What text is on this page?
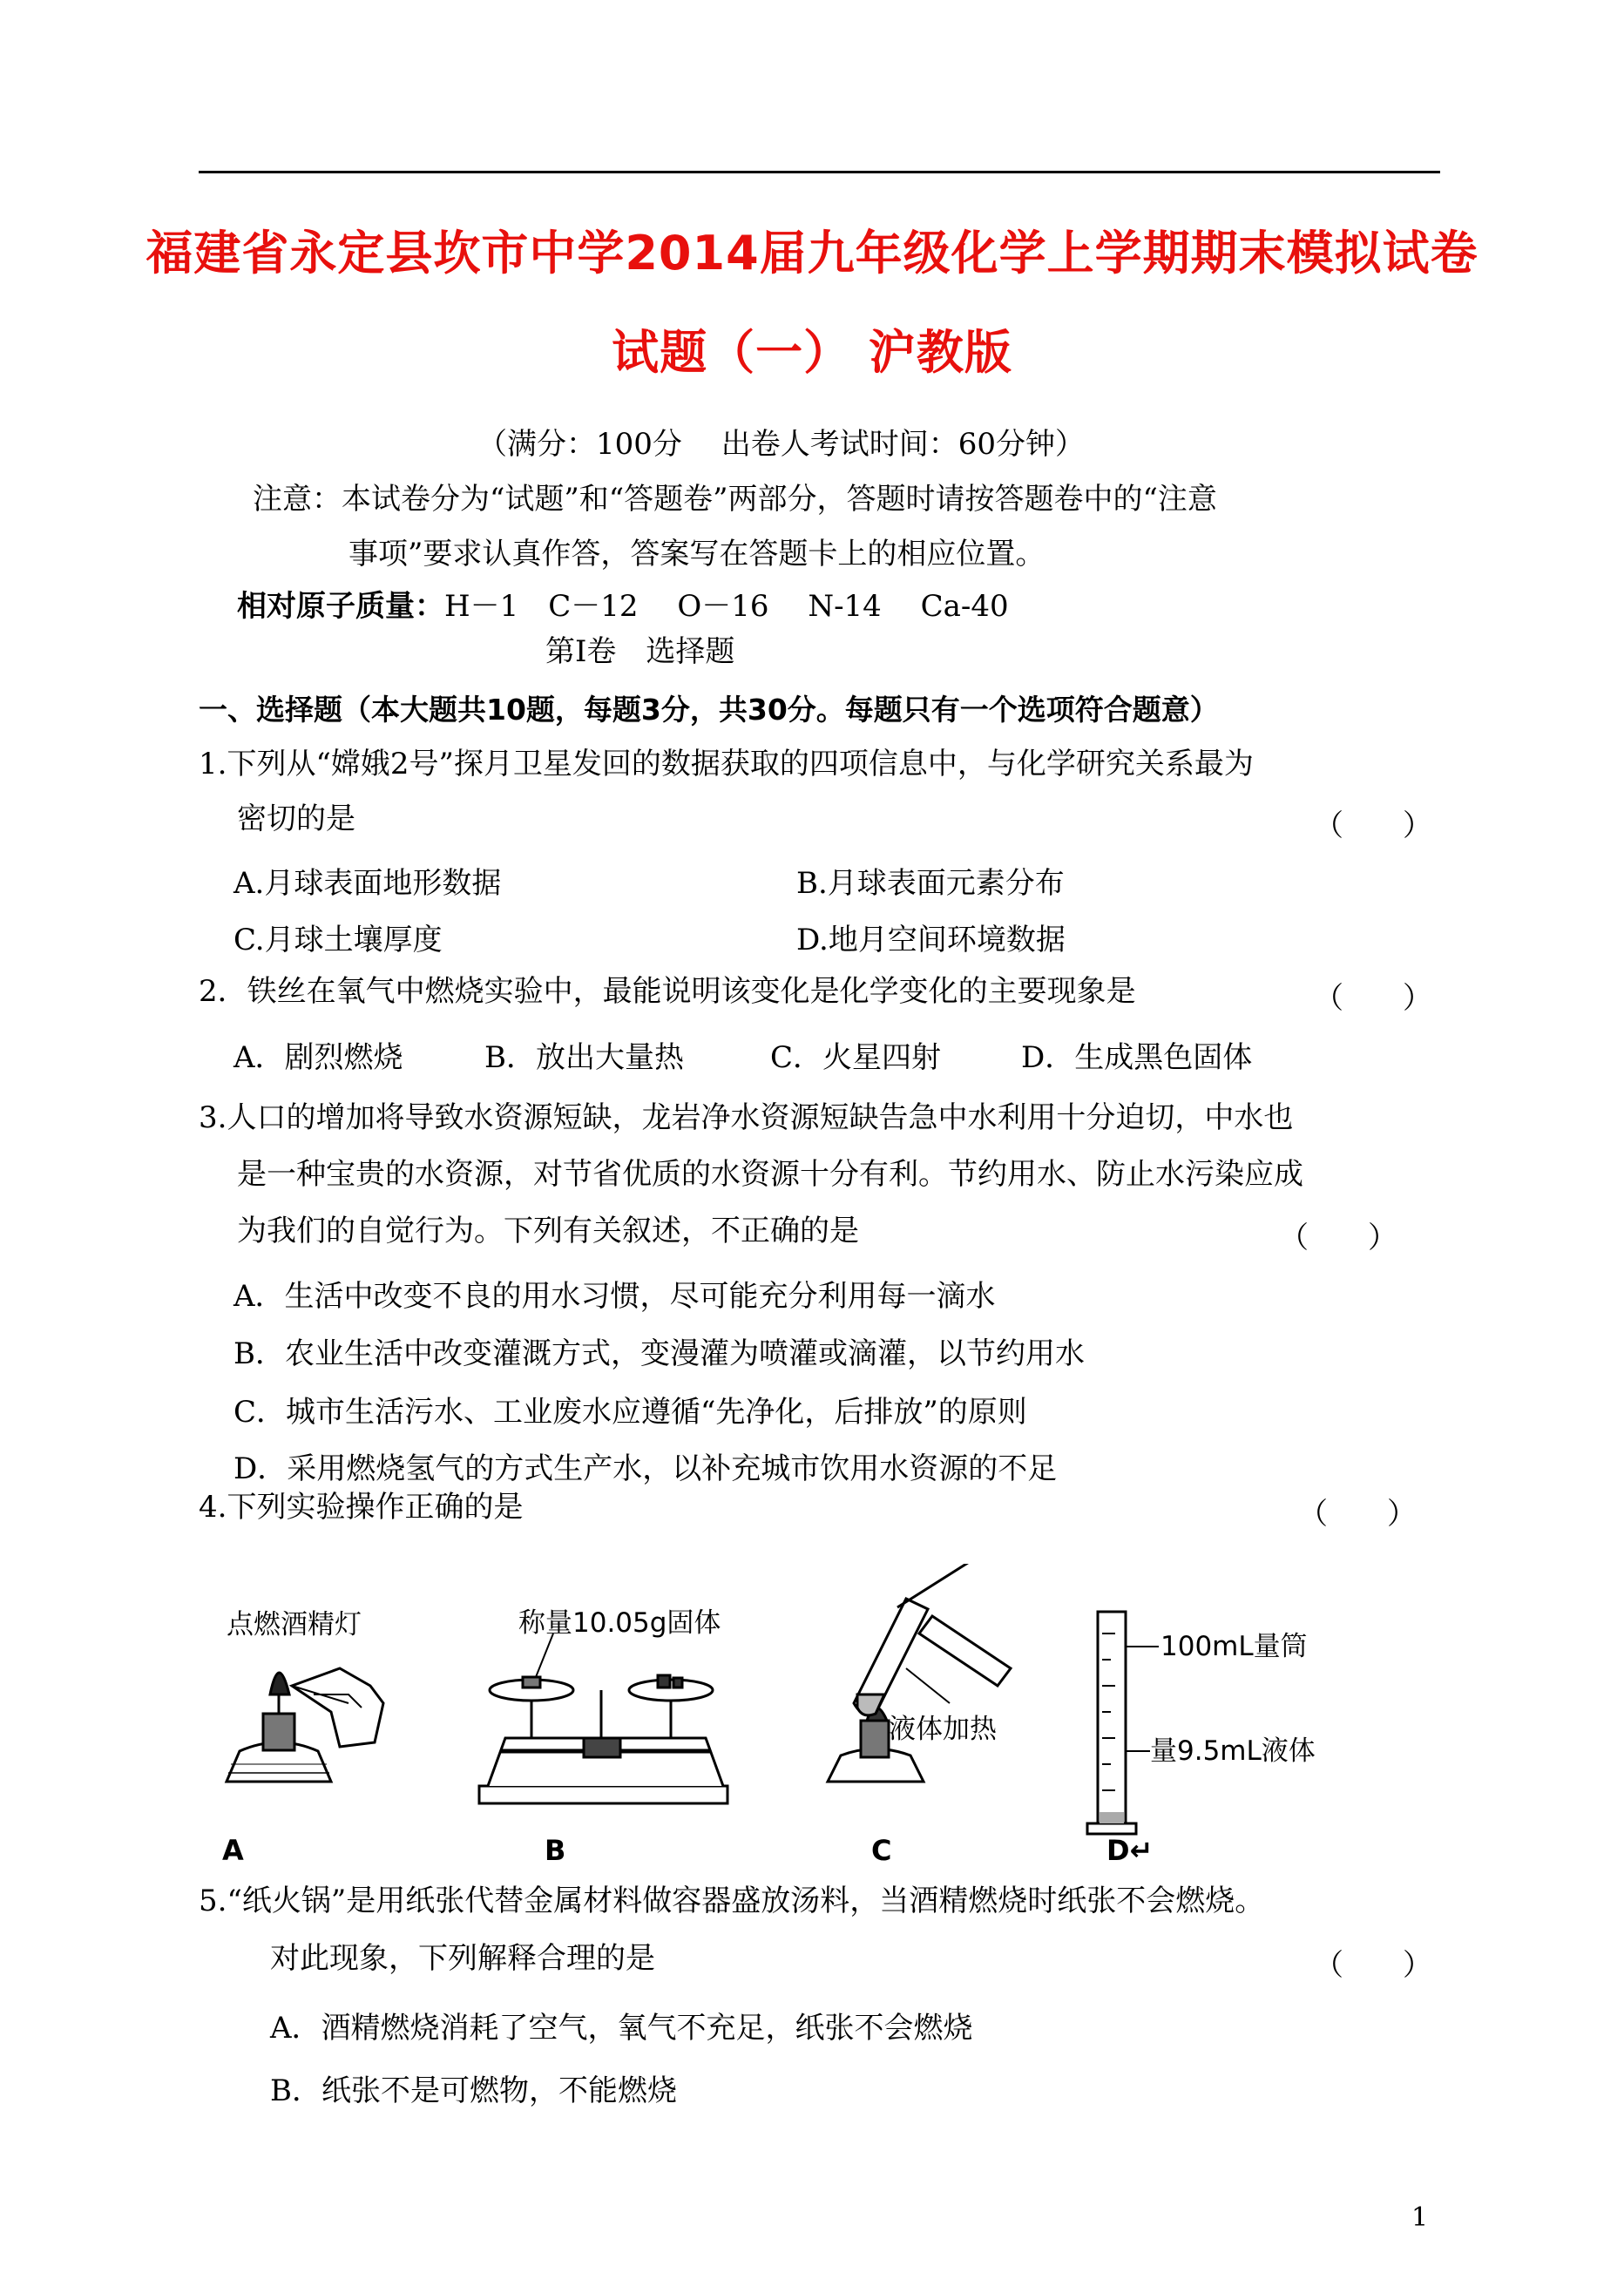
福建省永定县坎市中学2014届九年级化学上学期期末模拟试卷
试题（一） 沪教版
（满分：100分　 出卷人考试时间：60分钟）
注意：本试卷分为“试题”和“答题卷”两部分，答题时请按答题卷中的“注意
事项”要求认真作答，答案写在答题卡上的相应位置。
相对原子质量：H－1　C－12　 O－16　 N-14　 Ca-40
第Ⅰ卷　选择题
一、选择题（本大题共10题，每题3分，共30分。每题只有一个选项符合题意）
1.下列从“嫦娥2号”探月卫星发回的数据获取的四项信息中，与化学研究关系最为
密切的是	（　　）
A.月球表面地形数据	B.月球表面元素分布
C.月球土壤厚度	D.地月空间环境数据
2．铁丝在氧气中燃烧实验中，最能说明该变化是化学变化的主要现象是	（　　）
A．剧烈燃烧	B．放出大量热	C．火星四射	D．生成黑色固体
3.人口的增加将导致水资源短缺，龙岩净水资源短缺告急中水利用十分迫切，中水也
是一种宝贵的水资源，对节省优质的水资源十分有利。节约用水、防止水污染应成
为我们的自觉行为。下列有关叙述，不正确的是	（　　）
A．生活中改变不良的用水习惯，尽可能充分利用每一滴水
B．农业生活中改变灌溉方式，变漫灌为喷灌或滴灌，以节约用水
C．城市生活污水、工业废水应遵循“先净化，后排放”的原则
D．采用燃烧氢气的方式生产水，以补充城市饮用水资源的不足
4.下列实验操作正确的是	（　　）
点燃酒精灯
A
称量10.05g固体
B
液体加热
C
100mL量筒
量9.5mL液体
D↵
5.“纸火锅”是用纸张代替金属材料做容器盛放汤料，当酒精燃烧时纸张不会燃烧。
对此现象，下列解释合理的是	（　　）
A．酒精燃烧消耗了空气，氧气不充足，纸张不会燃烧
B．纸张不是可燃物，不能燃烧
1
